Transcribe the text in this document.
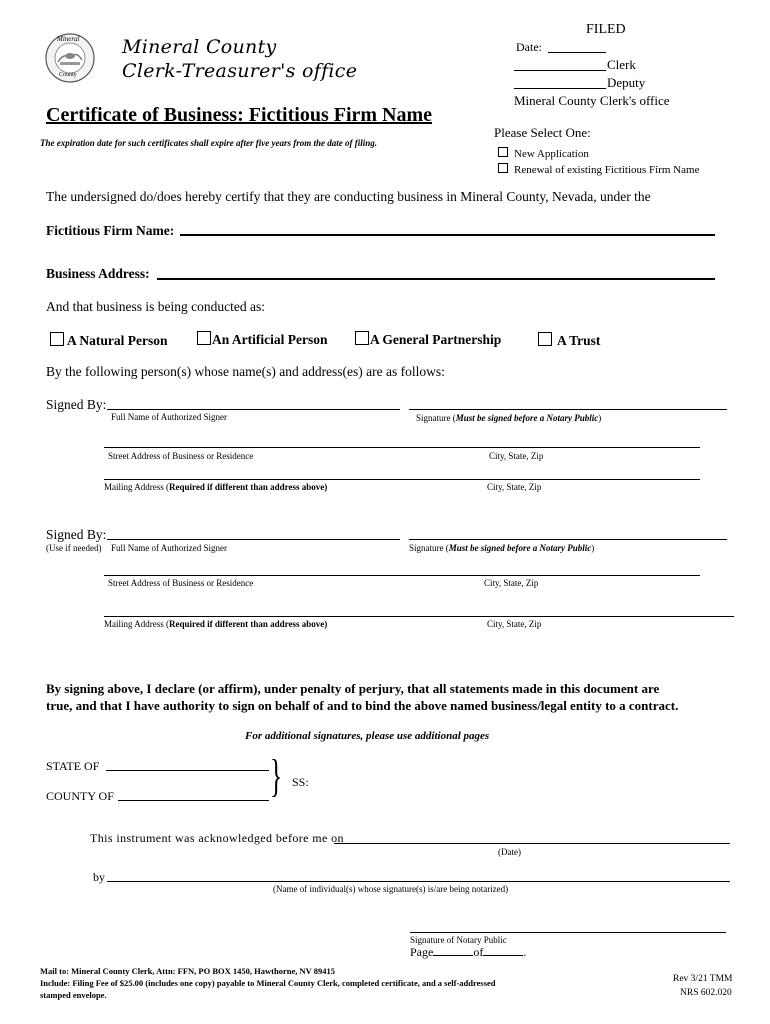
Mineral
County
Mineral County
Clerk-Treasurer's office
FILED
Date:
Clerk
Deputy
Mineral County Clerk's office
Certificate of Business: Fictitious Firm Name
The expiration date for such certificates shall expire after five years from the date of filing.
Please Select One:
New Application
Renewal of existing Fictitious Firm Name
The undersigned do/does hereby certify that they are conducting business in Mineral County, Nevada, under the
Fictitious Firm Name:
Business Address:
And that business is being conducted as:
A Natural Person	An Artificial Person	A General Partnership	A Trust
By the following person(s) whose name(s) and address(es) are as follows:
Signed By:
Full Name of Authorized Signer	Signature (Must be signed before a Notary Public)
Street Address of Business or Residence	City, State, Zip
Mailing Address (Required if different than address above)	City, State, Zip
Signed By:
(Use if needed) Full Name of Authorized Signer	Signature (Must be signed before a Notary Public)
Street Address of Business or Residence	City, State, Zip
Mailing Address (Required if different than address above)	City, State, Zip
By signing above, I declare (or affirm), under penalty of perjury, that all statements made in this document are
true, and that I have authority to sign on behalf of and to bind the above named business/legal entity to a contract.
For additional signatures, please use additional pages
STATE OF
COUNTY OF	} SS:
This instrument was acknowledged before me on
(Date)
by
(Name of individual(s) whose signature(s) is/are being notarized)
Signature of Notary Public
Page	of	.
Mail to: Mineral County Clerk, Attn: FFN, PO BOX 1450, Hawthorne, NV 89415
Include: Filing Fee of $25.00 (includes one copy) payable to Mineral County Clerk, completed certificate, and a self-addressed
stamped envelope.
Rev 3/21 TMM
NRS 602.020
